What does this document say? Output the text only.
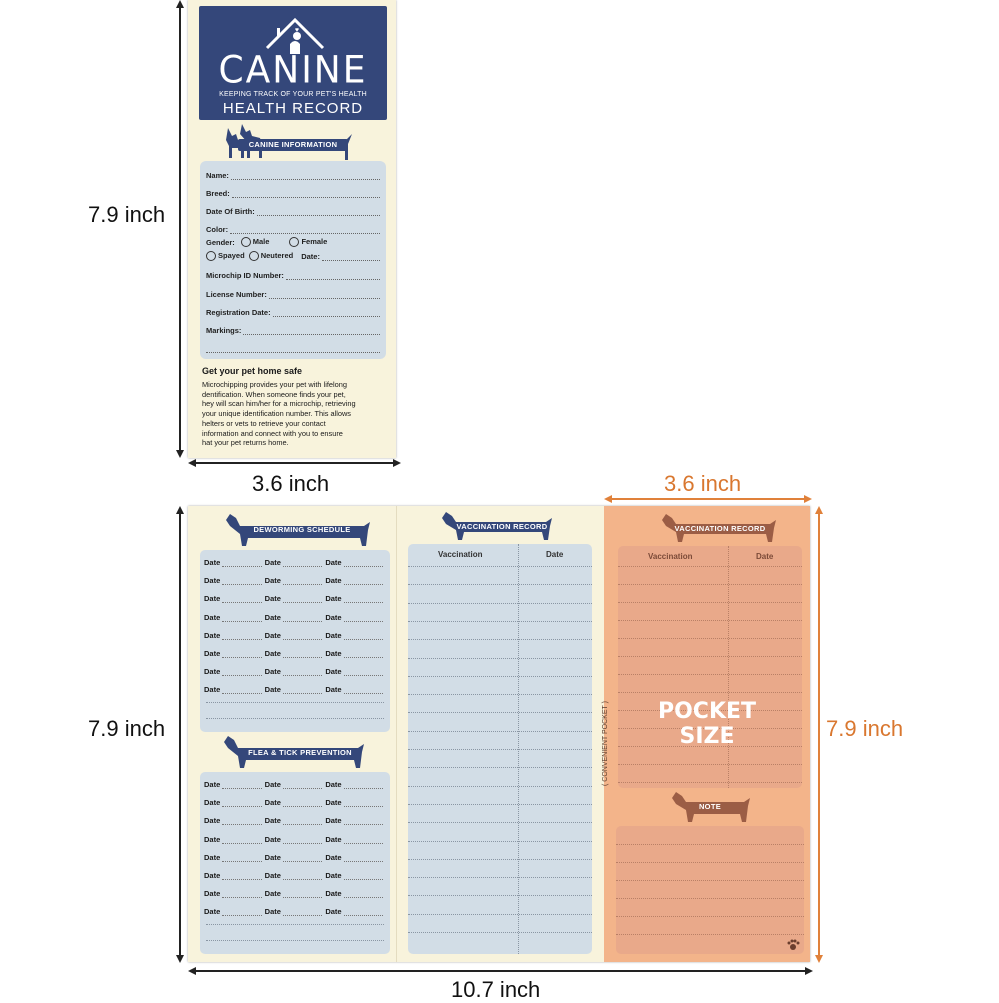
7.9 inch
3.6 inch
♥
CANINE
KEEPING TRACK OF YOUR PET'S HEALTH
HEALTH RECORD
CANINE INFORMATION
Name:
Breed:
Date Of Birth:
Color:
Gender:	Male	Female
Spayed	Neutered Date:
Microchip ID Number:
License Number:
Registration Date:
Markings:
Get your pet home safe
Microchipping provides your pet with lifelong
dentification. When someone finds your pet,
hey will scan him/her for a microchip, retrieving
your unique identification number. This allows
helters or vets to retrieve your contact
information and connect with you to ensure
hat your pet returns home.
7.9 inch
10.7 inch
3.6 inch
7.9 inch
DEWORMING SCHEDULE
Date	Date	Date
Date	Date	Date
Date	Date	Date
Date	Date	Date
Date	Date	Date
Date	Date	Date
Date	Date	Date
Date	Date	Date
FLEA & TICK PREVENTION
Date	Date	Date
Date	Date	Date
Date	Date	Date
Date	Date	Date
Date	Date	Date
Date	Date	Date
Date	Date	Date
Date	Date	Date
VACCINATION RECORD
Vaccination	Date
VACCINATION RECORD
Vaccination	Date
POCKET
SIZE
( CONVENIENT POCKET )
NOTE
